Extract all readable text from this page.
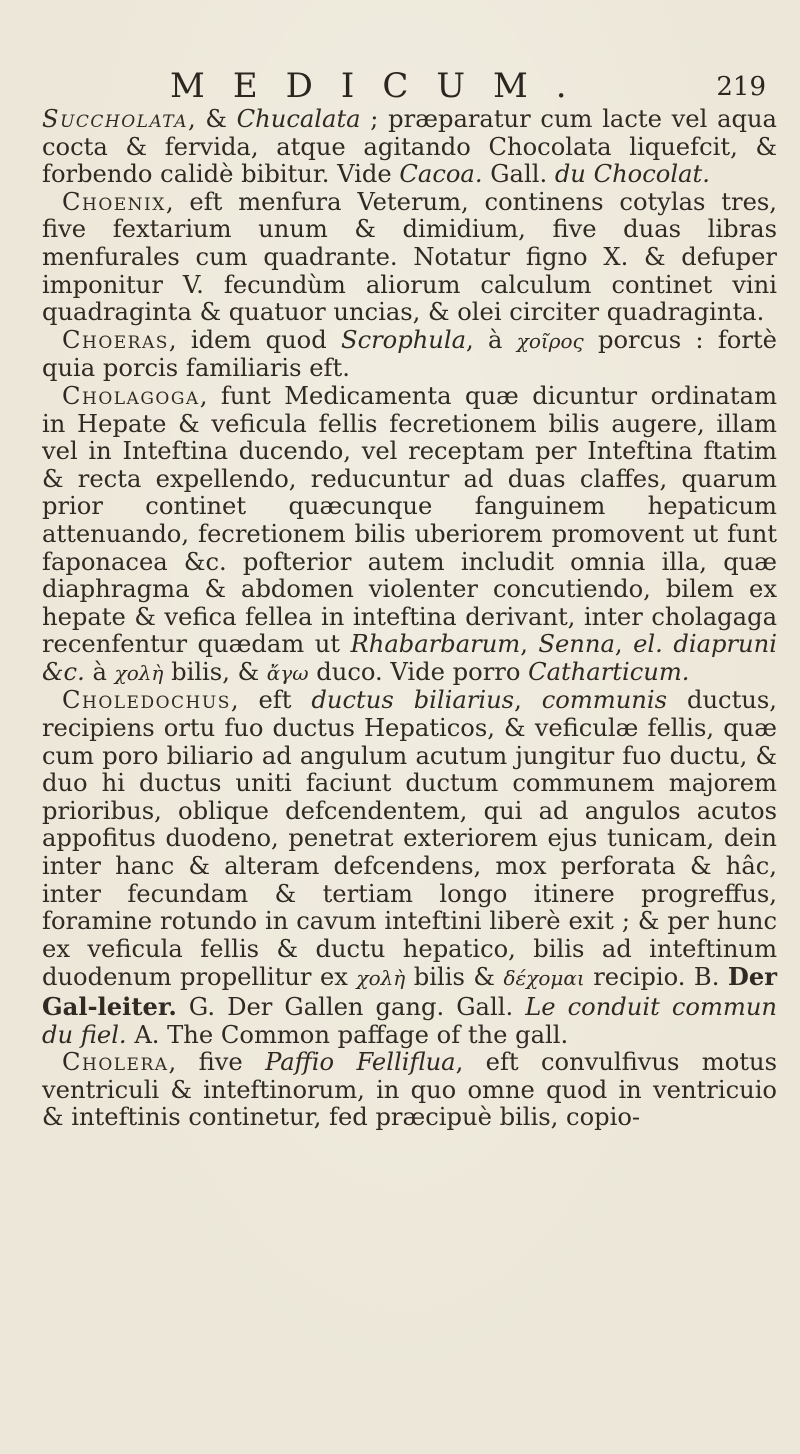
MEDICUM.	219

Succholata, & Chucalata ; præparatur cum lacte vel aqua cocta & fervida, atque agitando Chocolata liquefcit, & forbendo calidè bibitur. Vide Cacoa. Gall. du Chocolat.

Choenix, eft menfura Veterum, continens cotylas tres, five fextarium unum & dimidium, five duas libras menfurales cum quadrante. Notatur figno X. & defuper imponitur V. fecundùm aliorum calculum continet vini quadraginta & quatuor uncias, & olei circiter quadraginta.

Choeras, idem quod Scrophula, à χοῖρος porcus : fortè quia porcis familiaris eft.

Cholagoga, funt Medicamenta quæ dicuntur ordinatam in Hepate & veficula fellis fecretionem bilis augere, illam vel in Inteftina ducendo, vel receptam per Inteftina ftatim & recta expellendo, reducuntur ad duas claffes, quarum prior continet quæcunque fanguinem hepaticum attenuando, fecretionem bilis uberiorem promovent ut funt faponacea &c. pofterior autem includit omnia illa, quæ diaphragma & abdomen violenter concutiendo, bilem ex hepate & vefica fellea in inteftina derivant, inter cholagaga recenfentur quædam ut Rhabarbarum, Senna, el. diapruni &c. à χολὴ bilis, & ἄγω duco. Vide porro Catharticum.

Choledochus, eft ductus biliarius, communis ductus, recipiens ortu fuo ductus Hepaticos, & veficulæ fellis, quæ cum poro biliario ad angulum acutum jungitur fuo ductu, & duo hi ductus uniti faciunt ductum communem majorem prioribus, oblique defcendentem, qui ad angulos acutos appofitus duodeno, penetrat exteriorem ejus tunicam, dein inter hanc & alteram defcendens, mox perforata & hâc, inter fecundam & tertiam longo itinere progreffus, foramine rotundo in cavum inteftini liberè exit ; & per hunc ex veficula fellis & ductu hepatico, bilis ad inteftinum duodenum propellitur ex χολὴ bilis & δέχομαι recipio. B. Der Gal-leiter. G. Der Gallen gang. Gall. Le conduit commun du fiel. A. The Common paffage of the gall.

Cholera, five Paffio Felliflua, eft convulfivus motus ventriculi & inteftinorum, in quo omne quod in ventricuio & inteftinis continetur, fed præcipuè bilis, copio-
